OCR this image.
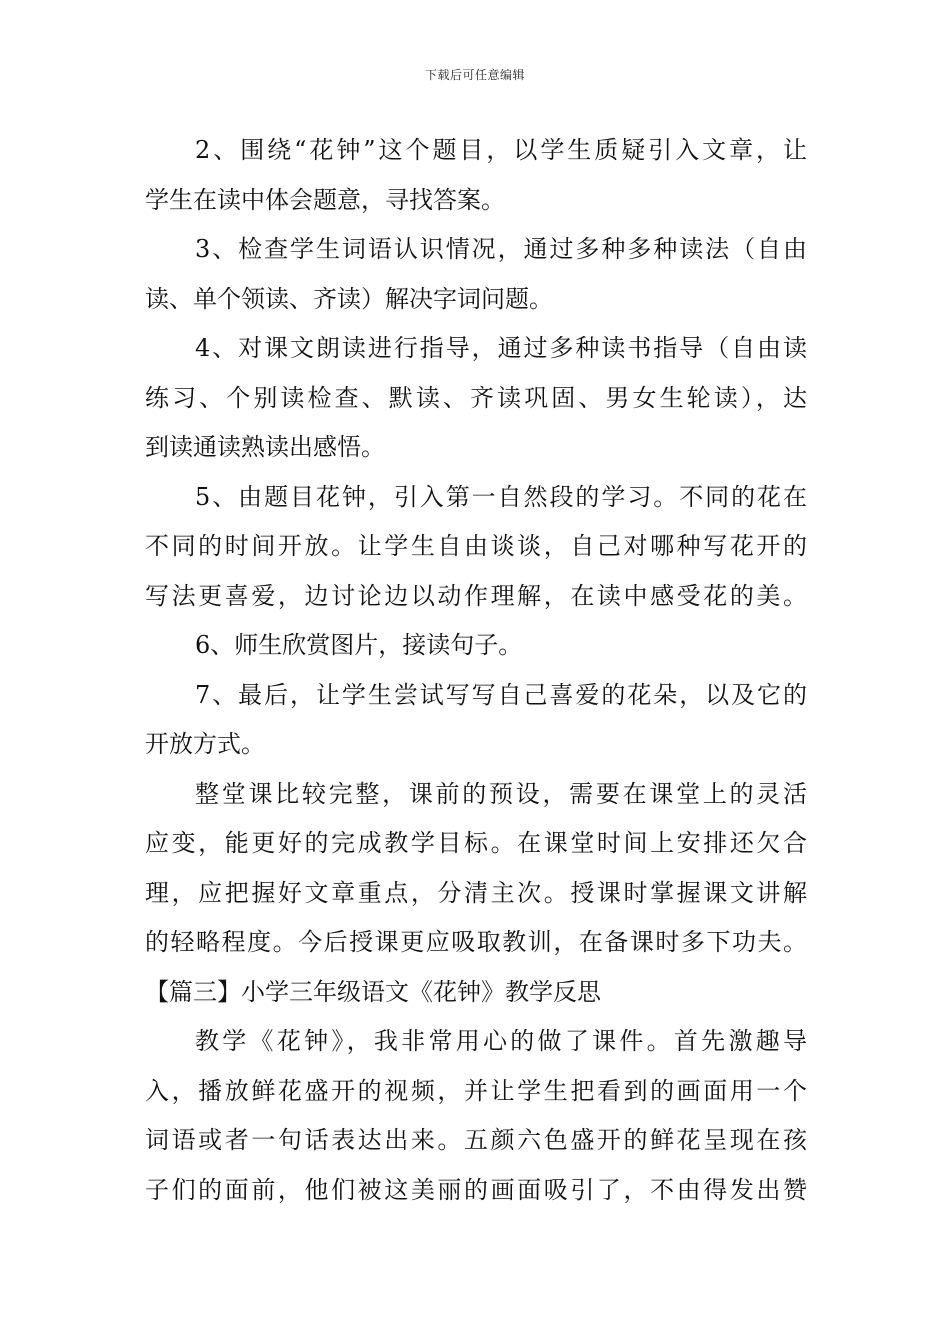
下载后可任意编辑
2、围绕“花钟”这个题目，以学生质疑引入文章，让
学生在读中体会题意，寻找答案。
3、检查学生词语认识情况，通过多种多种读法（自由
读、单个领读、齐读）解决字词问题。
4、对课文朗读进行指导，通过多种读书指导（自由读
练习、个别读检查、默读、齐读巩固、男女生轮读），达
到读通读熟读出感悟。
5、由题目花钟，引入第一自然段的学习。不同的花在
不同的时间开放。让学生自由谈谈，自己对哪种写花开的
写法更喜爱，边讨论边以动作理解，在读中感受花的美。
6、师生欣赏图片，接读句子。
7、最后，让学生尝试写写自己喜爱的花朵，以及它的
开放方式。
整堂课比较完整，课前的预设，需要在课堂上的灵活
应变，能更好的完成教学目标。在课堂时间上安排还欠合
理，应把握好文章重点，分清主次。授课时掌握课文讲解
的轻略程度。今后授课更应吸取教训，在备课时多下功夫。
【篇三】小学三年级语文《花钟》教学反思
教学《花钟》，我非常用心的做了课件。首先激趣导
入，播放鲜花盛开的视频，并让学生把看到的画面用一个
词语或者一句话表达出来。五颜六色盛开的鲜花呈现在孩
子们的面前，他们被这美丽的画面吸引了，不由得发出赞
